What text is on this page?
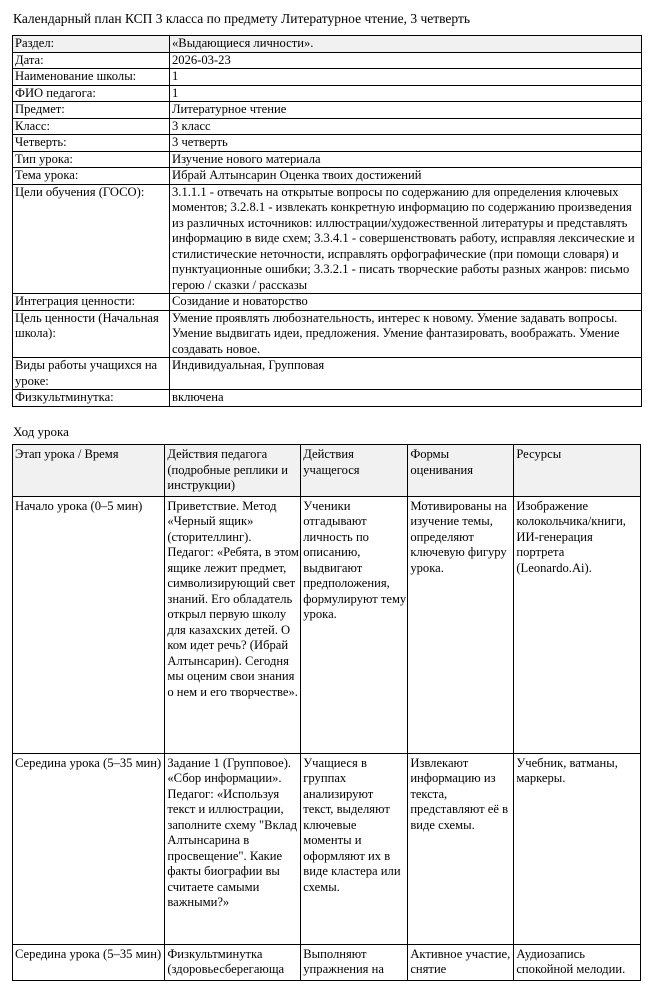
Календарный план КСП 3 класса по предмету Литературное чтение, 3 четверть
Раздел:	«Выдающиеся личности».
Дата:	2026-03-23
Наименование школы:	1
ФИО педагога:	1
Предмет:	Литературное чтение
Класс:	3 класс
Четверть:	3 четверть
Тип урока:	Изучение нового материала
Тема урока:	Ибрай Алтынсарин Оценка твоих достижений
Цели обучения (ГОСО):	3.1.1.1 - отвечать на открытые вопросы по содержанию для определения ключевых моментов; 3.2.8.1 - извлекать конкретную информацию по содержанию произведения из различных источников: иллюстрации/художественной литературы и представлять информацию в виде схем; 3.3.4.1 - совершенствовать работу, исправляя лексические и стилистические неточности, исправлять орфографические (при помощи словаря) и пунктуационные ошибки; 3.3.2.1 - писать творческие работы разных жанров: письмо герою / сказки / рассказы
Интеграция ценности:	Созидание и новаторство
Цель ценности (Начальная школа):	Умение проявлять любознательность, интерес к новому. Умение задавать вопросы. Умение выдвигать идеи, предложения. Умение фантазировать, воображать. Умение создавать новое.
Виды работы учащихся на уроке:	Индивидуальная, Групповая
Физкультминутка:	включена
Ход урока
Этап урока / Время	Действия педагога (подробные реплики и инструкции)	Действия учащегося	Формы оценивания	Ресурсы
Начало урока (0–5 мин)	Приветствие. Метод «Черный ящик» (сторителлинг). Педагог: «Ребята, в этом ящике лежит предмет, символизирующий свет знаний. Его обладатель открыл первую школу для казахских детей. О ком идет речь? (Ибрай Алтынсарин). Сегодня мы оценим свои знания о нем и его творчестве».	Ученики отгадывают личность по описанию, выдвигают предположения, формулируют тему урока.	Мотивированы на изучение темы, определяют ключевую фигуру урока.	Изображение колокольчика/книги, ИИ-генерация портрета (Leonardo.Ai).
Середина урока (5–35 мин)	Задание 1 (Групповое). «Сбор информации». Педагог: «Используя текст и иллюстрации, заполните схему "Вклад Алтынсарина в просвещение". Какие факты биографии вы считаете самыми важными?»	Учащиеся в группах анализируют текст, выделяют ключевые моменты и оформляют их в виде кластера или схемы.	Извлекают информацию из текста, представляют её в виде схемы.	Учебник, ватманы, маркеры.
Середина урока (5–35 мин)	Физкультминутка (здоровьесберегающа	Выполняют упражнения на	Активное участие, снятие	Аудиозапись спокойной мелодии.
